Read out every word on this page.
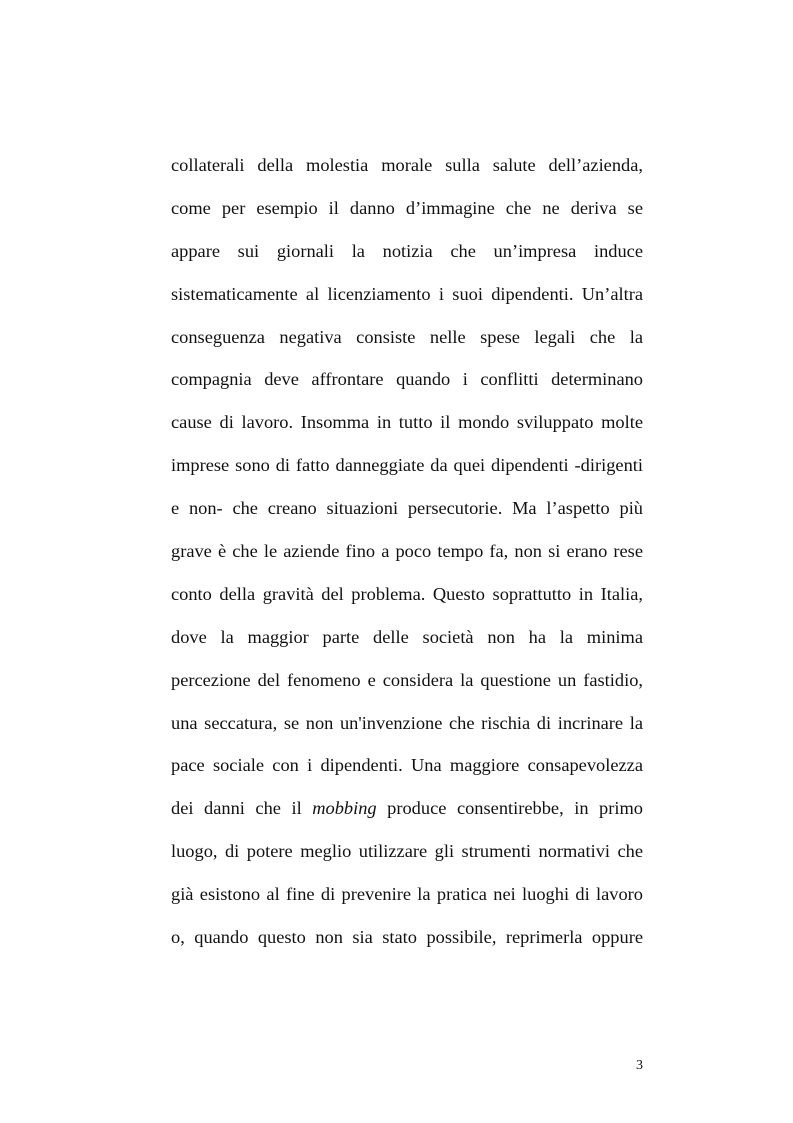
collaterali della molestia morale sulla salute dell’azienda,
come per esempio il danno d’immagine che ne deriva se
appare sui giornali la notizia che un’impresa induce
sistematicamente al licenziamento i suoi dipendenti. Un’altra
conseguenza negativa consiste nelle spese legali che la
compagnia deve affrontare quando i conflitti determinano
cause di lavoro. Insomma in tutto il mondo sviluppato molte
imprese sono di fatto danneggiate da quei dipendenti -dirigenti
e non- che creano situazioni persecutorie. Ma l’aspetto più
grave è che le aziende fino a poco tempo fa, non si erano rese
conto della gravità del problema. Questo soprattutto in Italia,
dove la maggior parte delle società non ha la minima
percezione del fenomeno e considera la questione un fastidio,
una seccatura, se non un'invenzione che rischia di incrinare la
pace sociale con i dipendenti. Una maggiore consapevolezza
dei danni che il mobbing produce consentirebbe, in primo
luogo, di potere meglio utilizzare gli strumenti normativi che
già esistono al fine di prevenire la pratica nei luoghi di lavoro
o, quando questo non sia stato possibile, reprimerla oppure
3
